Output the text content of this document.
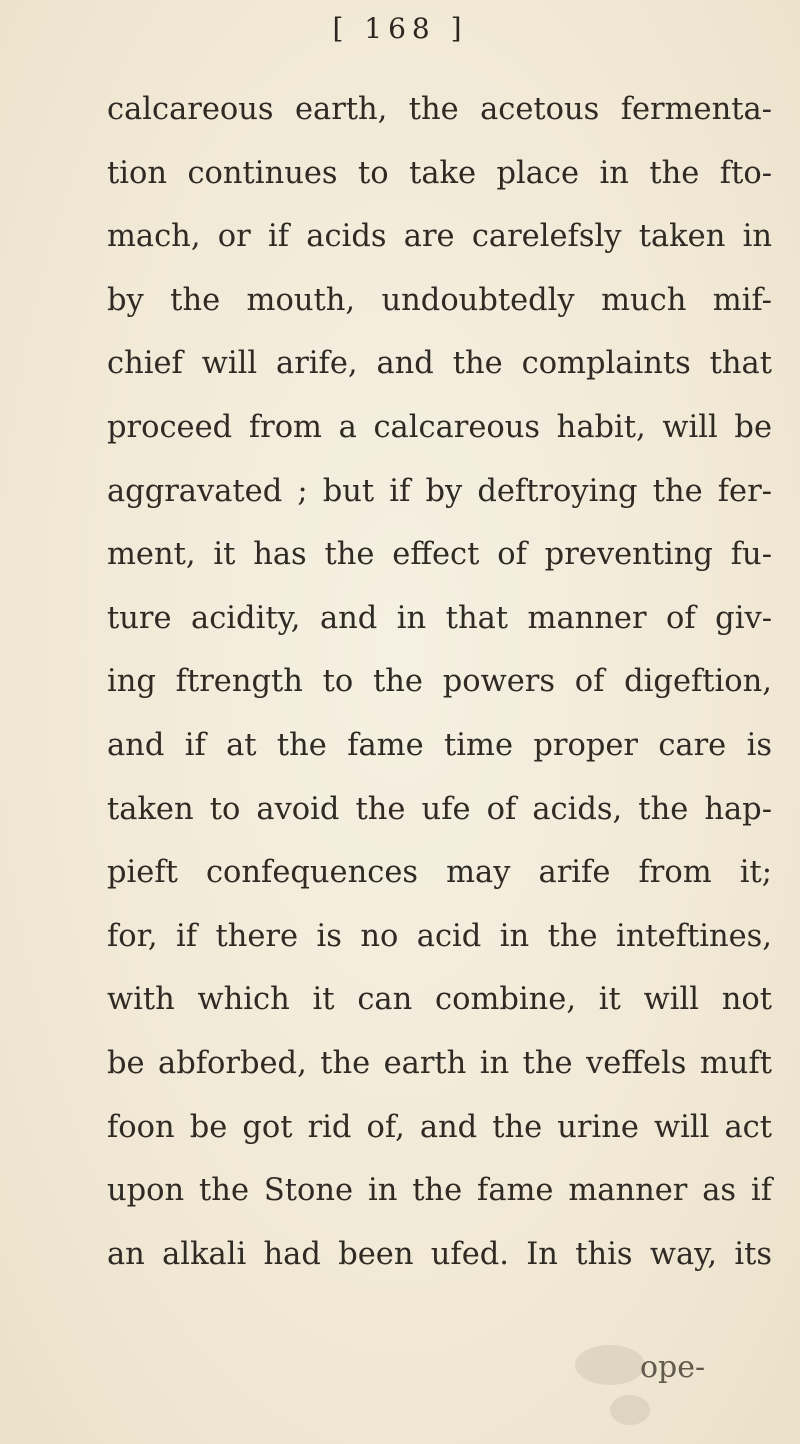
[ 168 ]
calcareous earth, the acetous fermenta-
tion continues to take place in the fto-
mach, or if acids are carelefsly taken in
by the mouth, undoubtedly much mif-
chief will arife, and the complaints that
proceed from a calcareous habit, will be
aggravated ; but if by deftroying the fer-
ment, it has the effect of preventing fu-
ture acidity, and in that manner of giv-
ing ftrength to the powers of digeftion,
and if at the fame time proper care is
taken to avoid the ufe of acids, the hap-
pieft confequences may arife from it;
for, if there is no acid in the inteftines,
with which it can combine, it will not
be abforbed, the earth in the veffels muft
foon be got rid of, and the urine will act
upon the Stone in the fame manner as if
an alkali had been ufed. In this way, its
ope-
